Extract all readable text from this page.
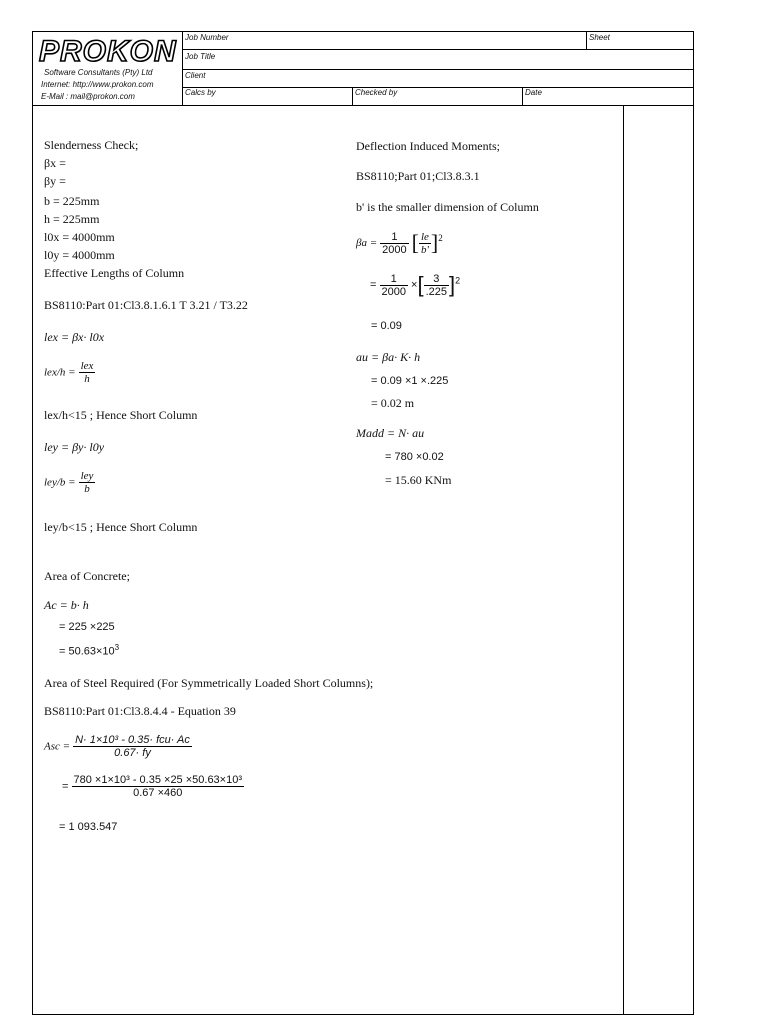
PROKON
Software Consultants (Pty) Ltd
Internet: http://www.prokon.com
E-Mail : mail@prokon.com
Job Number	Sheet
Job Title
Client
Calcs by	Checked by	Date
Slenderness Check;
βx =
βy =
b = 225mm
h = 225mm
l0x = 4000mm
l0y = 4000mm
Effective Lengths of Column
BS8110:Part 01:Cl3.8.1.6.1 T 3.21 / T3.22
lex = βx· l0x
$lex/h = \frac{\text{lex}}{h}$
lex/h<15 ; Hence Short Column
ley = βy· l0y
$ley/b = \frac{\text{ley}}{b}$
ley/b<15 ; Hence Short Column
Area of Concrete;
Ac = b· h
= 225 ×225
= $50.63\times 10^3$
Area of Steel Required (For Symmetrically Loaded Short Columns);
BS8110:Part 01:Cl3.8.4.4 - Equation 39
Asc = $\frac{\text{N· 1×10³ - 0.35· fcu· Ac}}{0.67\cdot fy}$
= $\frac{\text{780 ×1×10³ - 0.35 ×25 ×50.63×10³}}{0.67 \times 460}$
= 1 093.547
Deflection Induced Moments;
BS8110;Part 01;Cl3.8.3.1
b' is the smaller dimension of Column
$\beta a = \frac{1}{2000}$ [ $\frac{le}{b'} ]^2$
= $\frac{1}{2000}$ ×[ $\frac{3}{.225} ]^2$
= 0.09
au = βa· K· h
= 0.09 ×1 ×.225
= 0.02 m
Madd = N· au
= 780 ×0.02
= 15.60 KNm
